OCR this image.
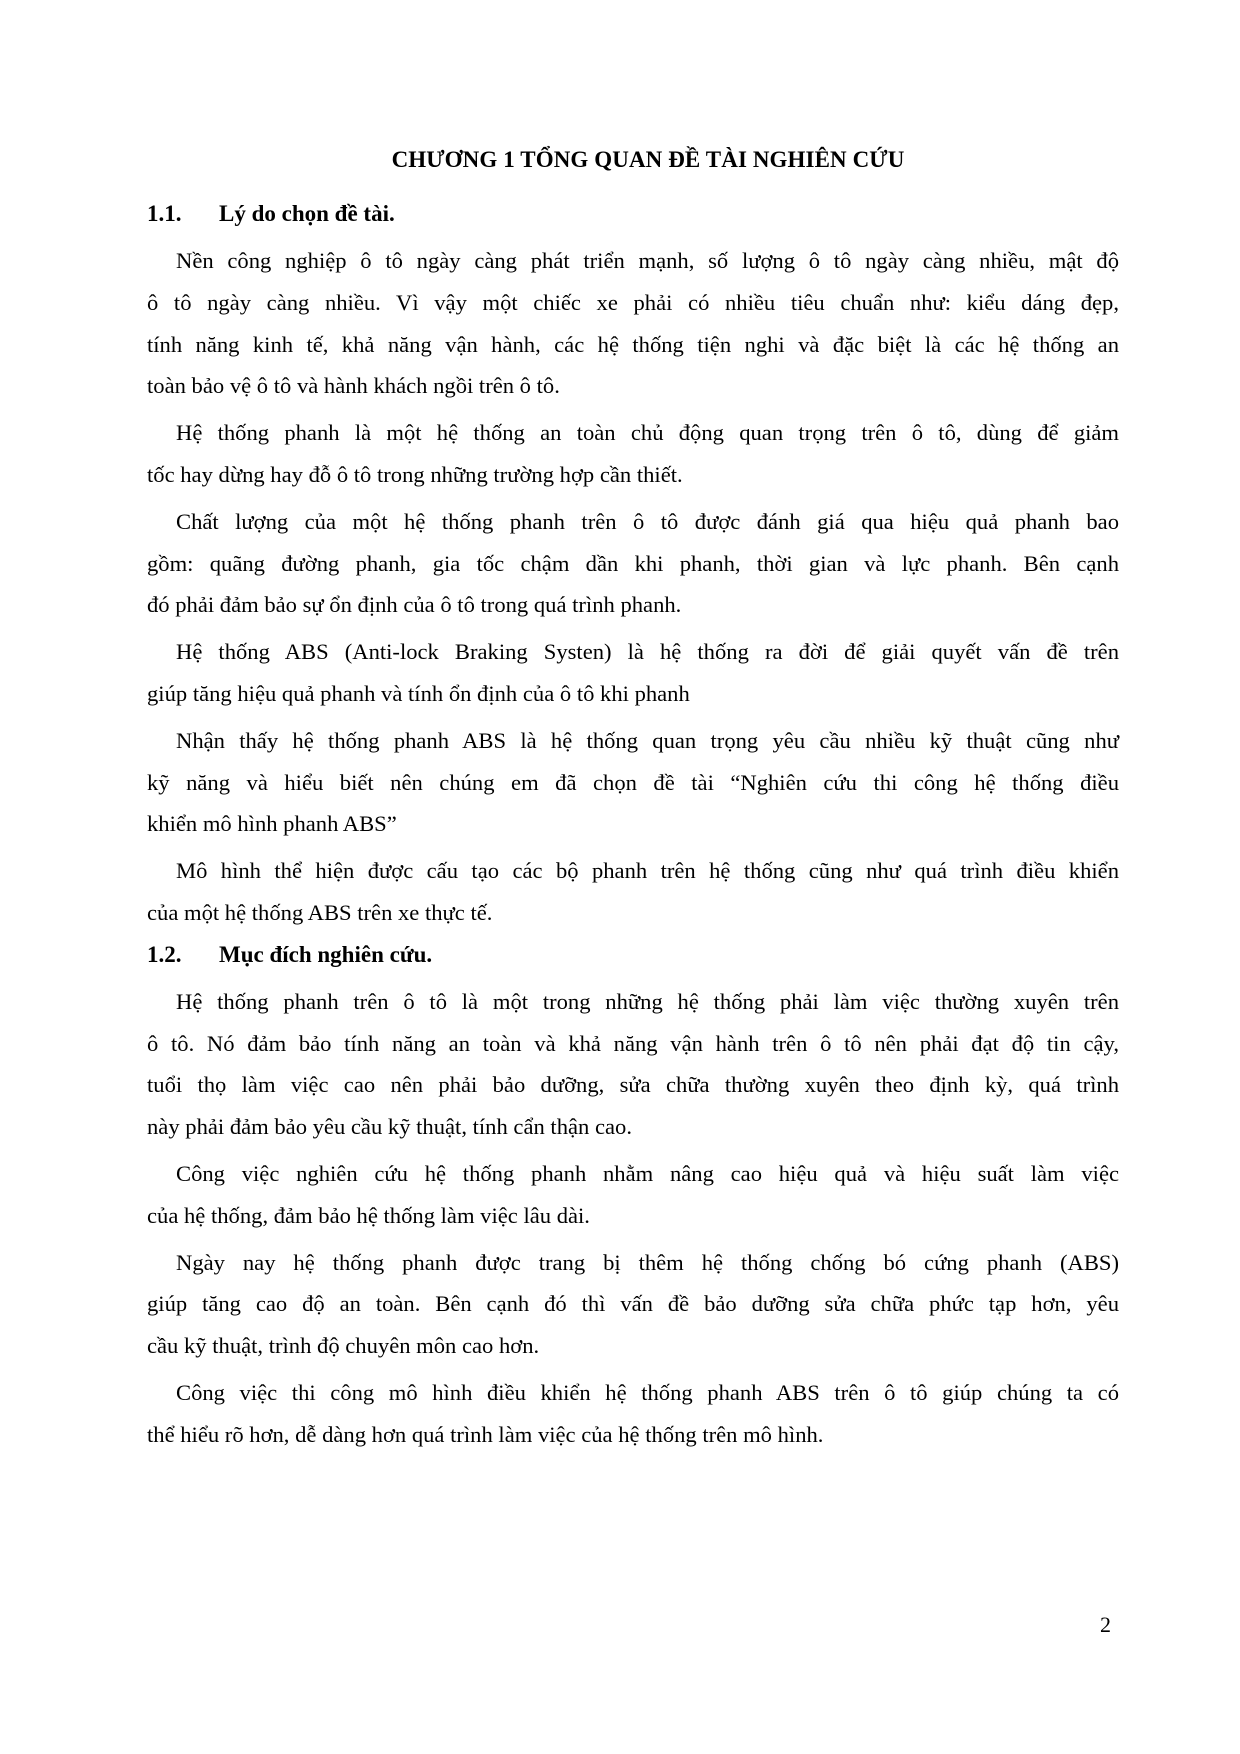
CHƯƠNG 1 TỔNG QUAN ĐỀ TÀI NGHIÊN CỨU
1.1.	Lý do chọn đề tài.

Nền công nghiệp ô tô ngày càng phát triển mạnh, số lượng ô tô ngày càng nhiều, mật độ
ô tô ngày càng nhiều. Vì vậy một chiếc xe phải có nhiều tiêu chuẩn như: kiểu dáng đẹp,
tính năng kinh tế, khả năng vận hành, các hệ thống tiện nghi và đặc biệt là các hệ thống an
toàn bảo vệ ô tô và hành khách ngồi trên ô tô.

Hệ thống phanh là một hệ thống an toàn chủ động quan trọng trên ô tô, dùng để giảm
tốc hay dừng hay đỗ ô tô trong những trường hợp cần thiết.

Chất lượng của một hệ thống phanh trên ô tô được đánh giá qua hiệu quả phanh bao
gồm: quãng đường phanh, gia tốc chậm dần khi phanh, thời gian và lực phanh. Bên cạnh
đó phải đảm bảo sự ổn định của ô tô trong quá trình phanh.

Hệ thống ABS (Anti-lock Braking Systen) là hệ thống ra đời để giải quyết vấn đề trên
giúp tăng hiệu quả phanh và tính ổn định của ô tô khi phanh

Nhận thấy hệ thống phanh ABS là hệ thống quan trọng yêu cầu nhiều kỹ thuật cũng như
kỹ năng và hiểu biết nên chúng em đã chọn đề tài “Nghiên cứu thi công hệ thống điều
khiển mô hình phanh ABS”

Mô hình thể hiện được cấu tạo các bộ phanh trên hệ thống cũng như quá trình điều khiển
của một hệ thống ABS trên xe thực tế.

1.2.	Mục đích nghiên cứu.

Hệ thống phanh trên ô tô là một trong những hệ thống phải làm việc thường xuyên trên
ô tô. Nó đảm bảo tính năng an toàn và khả năng vận hành trên ô tô nên phải đạt độ tin cậy,
tuổi thọ làm việc cao nên phải bảo dưỡng, sửa chữa thường xuyên theo định kỳ, quá trình
này phải đảm bảo yêu cầu kỹ thuật, tính cẩn thận cao.

Công việc nghiên cứu hệ thống phanh nhằm nâng cao hiệu quả và hiệu suất làm việc
của hệ thống, đảm bảo hệ thống làm việc lâu dài.

Ngày nay hệ thống phanh được trang bị thêm hệ thống chống bó cứng phanh (ABS)
giúp tăng cao độ an toàn. Bên cạnh đó thì vấn đề bảo dưỡng sửa chữa phức tạp hơn, yêu
cầu kỹ thuật, trình độ chuyên môn cao hơn.

Công việc thi công mô hình điều khiển hệ thống phanh ABS trên ô tô giúp chúng ta có
thể hiểu rõ hơn, dễ dàng hơn quá trình làm việc của hệ thống trên mô hình.

2
